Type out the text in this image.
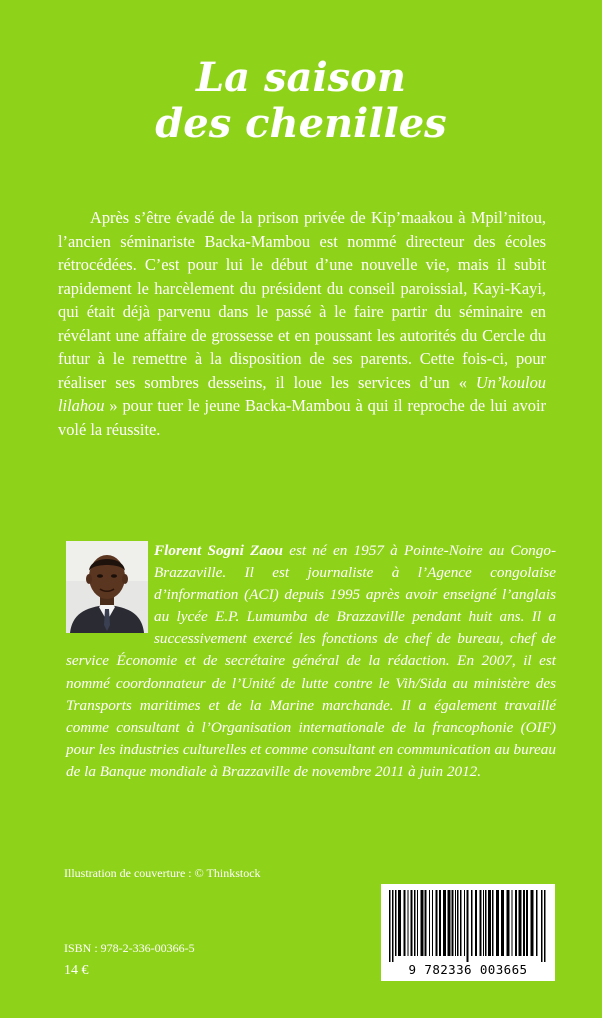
La saison
des chenilles

Après s’être évadé de la prison privée de Kip’maakou à Mpil’nitou, l’ancien séminariste Backa-Mambou est nommé directeur des écoles rétrocédées. C’est pour lui le début d’une nouvelle vie, mais il subit rapidement le harcèlement du président du conseil paroissial, Kayi-Kayi, qui était déjà parvenu dans le passé à le faire partir du séminaire en révélant une affaire de grossesse et en poussant les autorités du Cercle du futur à le remettre à la disposition de ses parents. Cette fois-ci, pour réaliser ses sombres desseins, il loue les services d’un « Un’koulou lilahou » pour tuer le jeune Backa-Mambou à qui il reproche de lui avoir volé la réussite.

Florent Sogni Zaou est né en 1957 à Pointe-Noire au Congo-Brazzaville. Il est journaliste à l’Agence congolaise d’information (ACI) depuis 1995 après avoir enseigné l’anglais au lycée E.P. Lumumba de Brazzaville pendant huit ans. Il a successivement exercé les fonctions de chef de bureau, chef de service Économie et de secrétaire général de la rédaction. En 2007, il est nommé coordonnateur de l’Unité de lutte contre le Vih/Sida au ministère des Transports maritimes et de la Marine marchande. Il a également travaillé comme consultant à l’Organisation internationale de la francophonie (OIF) pour les industries culturelles et comme consultant en communication au bureau de la Banque mondiale à Brazzaville de novembre 2011 à juin 2012.

Illustration de couverture : © Thinkstock

ISBN : 978-2-336-00366-5

14 €	9 782336 003665
